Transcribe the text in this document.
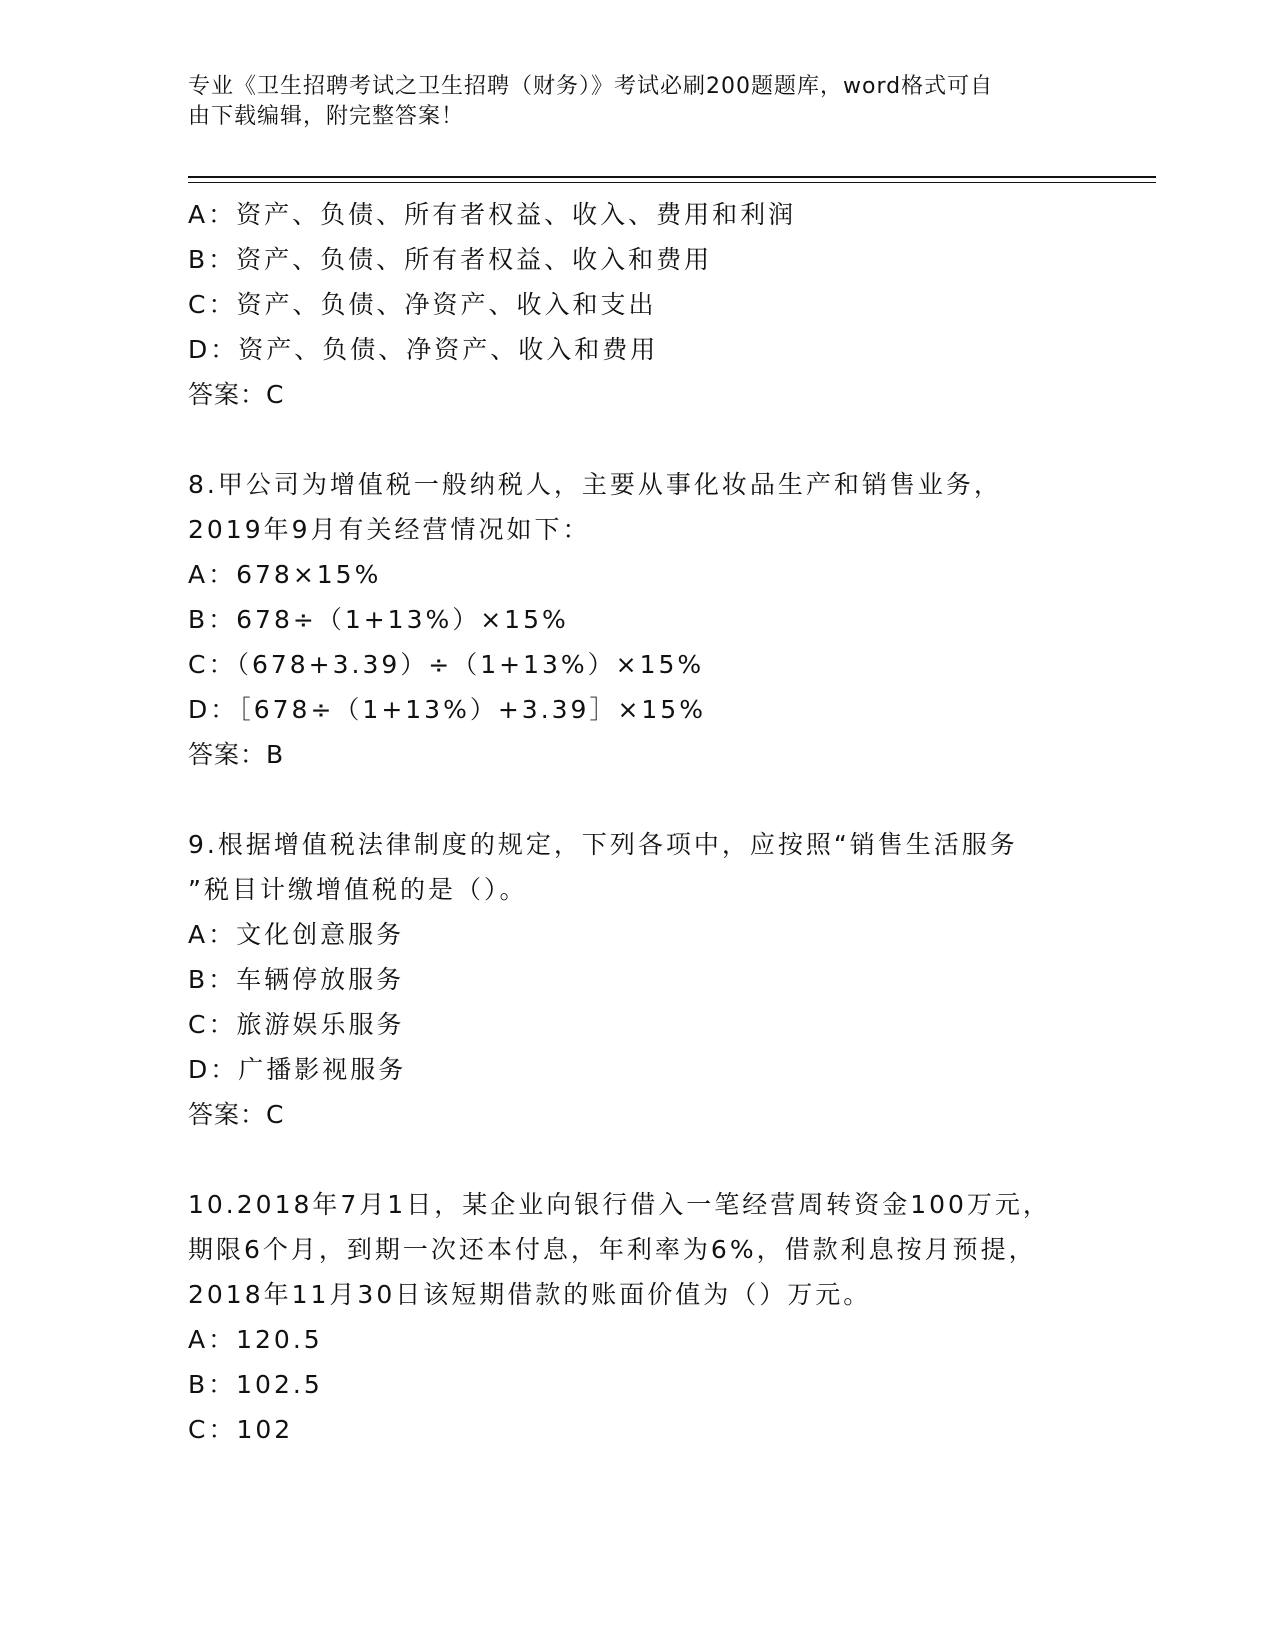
专业《卫生招聘考试之卫生招聘（财务）》考试必刷200题题库，word格式可自
由下载编辑，附完整答案！
A：资产、负债、所有者权益、收入、费用和利润
B：资产、负债、所有者权益、收入和费用
C：资产、负债、净资产、收入和支出
D：资产、负债、净资产、收入和费用
答案：C
8.甲公司为增值税一般纳税人，主要从事化妆品生产和销售业务，
2019年9月有关经营情况如下：
A：678×15%
B：678÷（1+13%）×15%
C：（678+3.39）÷（1+13%）×15%
D：［678÷（1+13%）+3.39］×15%
答案：B
9.根据增值税法律制度的规定，下列各项中，应按照“销售生活服务
”税目计缴增值税的是（）。
A：文化创意服务
B：车辆停放服务
C：旅游娱乐服务
D：广播影视服务
答案：C
10.2018年7月1日，某企业向银行借入一笔经营周转资金100万元，
期限6个月，到期一次还本付息，年利率为6%，借款利息按月预提，
2018年11月30日该短期借款的账面价值为（）万元。
A：120.5
B：102.5
C：102
